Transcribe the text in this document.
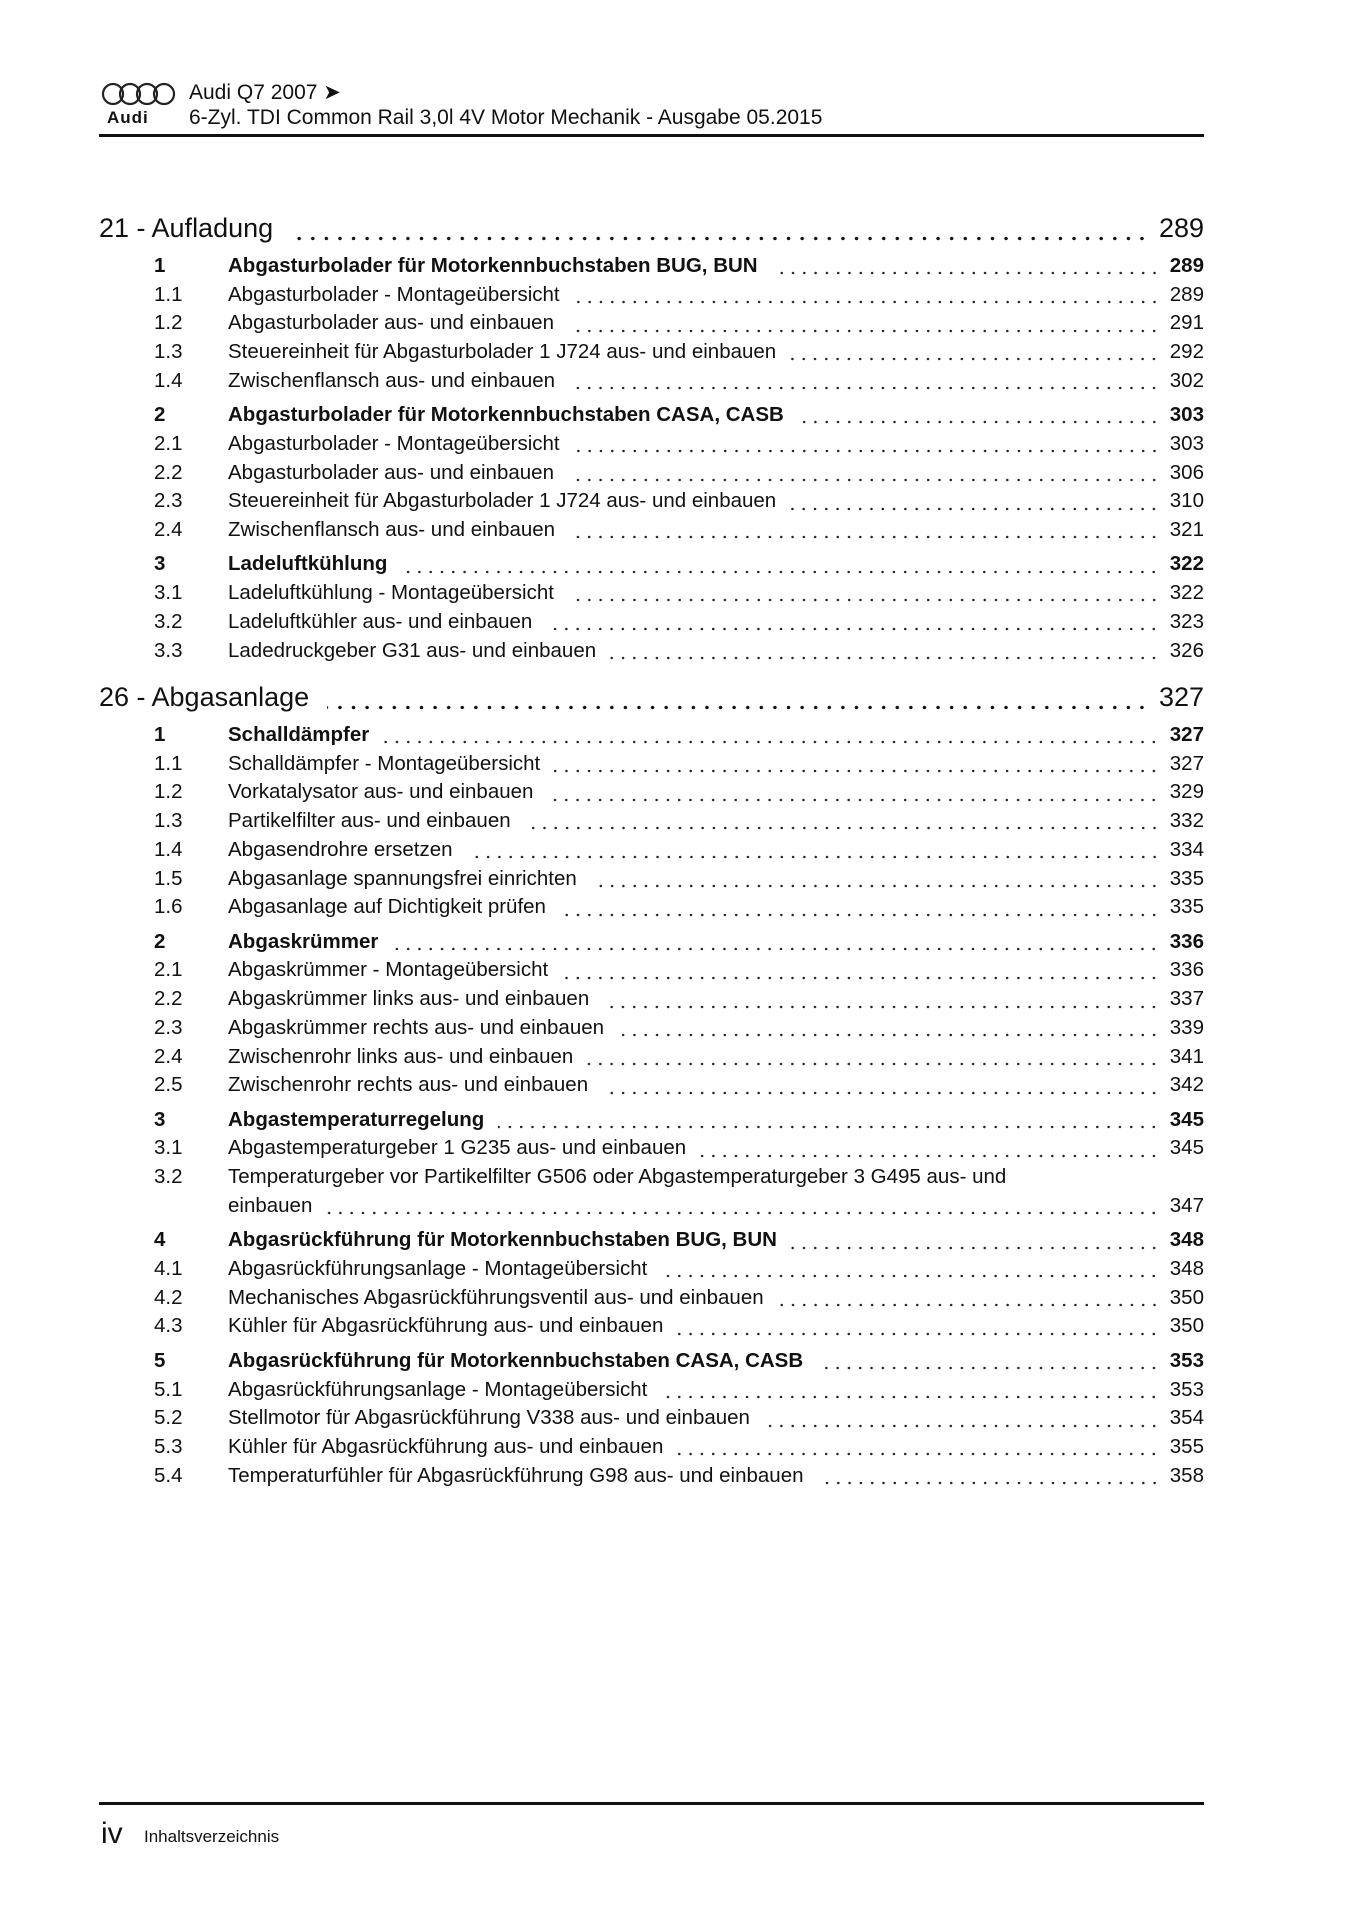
Audi
Audi Q7 2007 ➤
6-Zyl. TDI Common Rail 3,0l 4V Motor Mechanik - Ausgabe 05.2015
21 - Aufladung	289
1	Abgasturbolader für Motorkennbuchstaben BUG, BUN	289
1.1	Abgasturbolader - Montageübersicht	289
1.2	Abgasturbolader aus- und einbauen	291
1.3	Steuereinheit für Abgasturbolader 1 J724 aus- und einbauen	292
1.4	Zwischenflansch aus- und einbauen	302
2	Abgasturbolader für Motorkennbuchstaben CASA, CASB	303
2.1	Abgasturbolader - Montageübersicht	303
2.2	Abgasturbolader aus- und einbauen	306
2.3	Steuereinheit für Abgasturbolader 1 J724 aus- und einbauen	310
2.4	Zwischenflansch aus- und einbauen	321
3	Ladeluftkühlung	322
3.1	Ladeluftkühlung - Montageübersicht	322
3.2	Ladeluftkühler aus- und einbauen	323
3.3	Ladedruckgeber G31 aus- und einbauen	326
26 - Abgasanlage	327
1	Schalldämpfer	327
1.1	Schalldämpfer - Montageübersicht	327
1.2	Vorkatalysator aus- und einbauen	329
1.3	Partikelfilter aus- und einbauen	332
1.4	Abgasendrohre ersetzen	334
1.5	Abgasanlage spannungsfrei einrichten	335
1.6	Abgasanlage auf Dichtigkeit prüfen	335
2	Abgaskrümmer	336
2.1	Abgaskrümmer - Montageübersicht	336
2.2	Abgaskrümmer links aus- und einbauen	337
2.3	Abgaskrümmer rechts aus- und einbauen	339
2.4	Zwischenrohr links aus- und einbauen	341
2.5	Zwischenrohr rechts aus- und einbauen	342
3	Abgastemperaturregelung	345
3.1	Abgastemperaturgeber 1 G235 aus- und einbauen	345
3.2	Temperaturgeber vor Partikelfilter G506 oder Abgastemperaturgeber 3 G495 aus- und
einbauen	347
4	Abgasrückführung für Motorkennbuchstaben BUG, BUN	348
4.1	Abgasrückführungsanlage - Montageübersicht	348
4.2	Mechanisches Abgasrückführungsventil aus- und einbauen	350
4.3	Kühler für Abgasrückführung aus- und einbauen	350
5	Abgasrückführung für Motorkennbuchstaben CASA, CASB	353
5.1	Abgasrückführungsanlage - Montageübersicht	353
5.2	Stellmotor für Abgasrückführung V338 aus- und einbauen	354
5.3	Kühler für Abgasrückführung aus- und einbauen	355
5.4	Temperaturfühler für Abgasrückführung G98 aus- und einbauen	358
iv Inhaltsverzeichnis
